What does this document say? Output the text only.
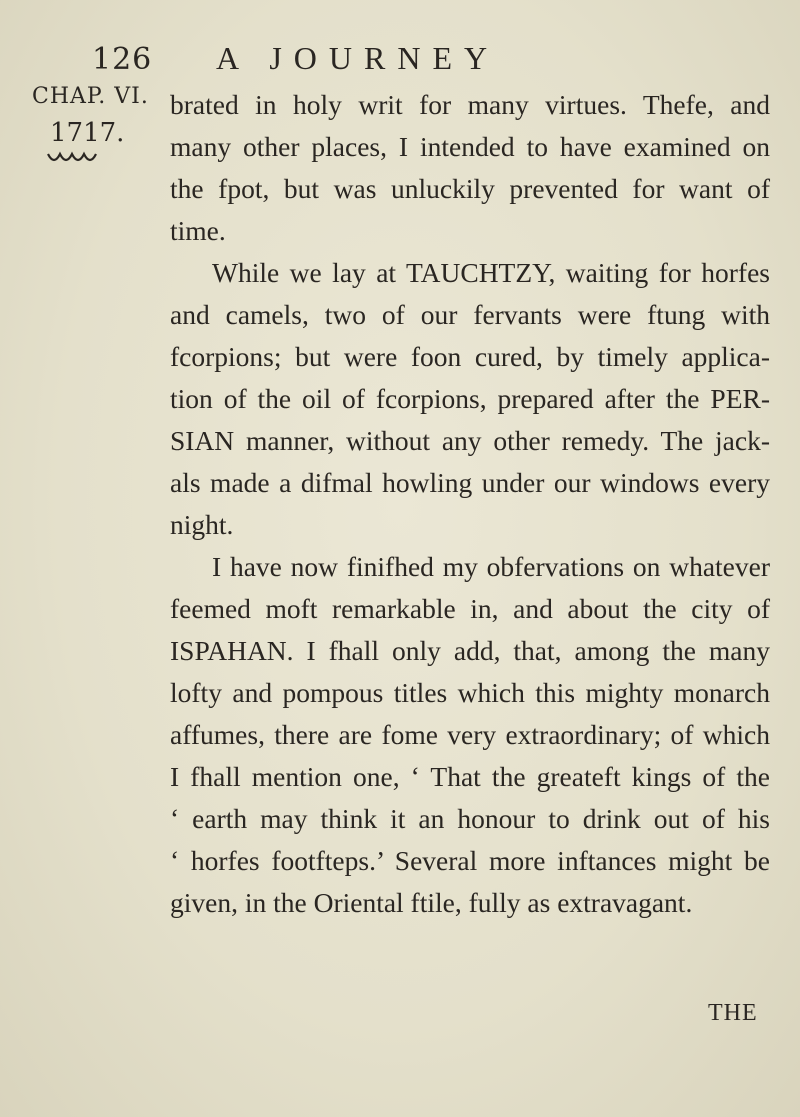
126 A JOURNEY
CHAP. VI.
1717.
brated in holy writ for many virtues. Thefe, and
many other places, I intended to have examined on
the fpot, but was unluckily prevented for want of
time.
While we lay at TAUCHTZY, waiting for horfes
and camels, two of our fervants were ftung with
fcorpions; but were foon cured, by timely applica-
tion of the oil of fcorpions, prepared after the PER-
SIAN manner, without any other remedy. The jack-
als made a difmal howling under our windows every
night.
I have now finifhed my obfervations on whatever
feemed moft remarkable in, and about the city of
ISPAHAN. I fhall only add, that, among the many
lofty and pompous titles which this mighty monarch
affumes, there are fome very extraordinary; of which
I fhall mention one, ‘ That the greateft kings of the
‘ earth may think it an honour to drink out of his
‘ horfes footfteps.’ Several more inftances might be
given, in the Oriental ftile, fully as extravagant.
THE
